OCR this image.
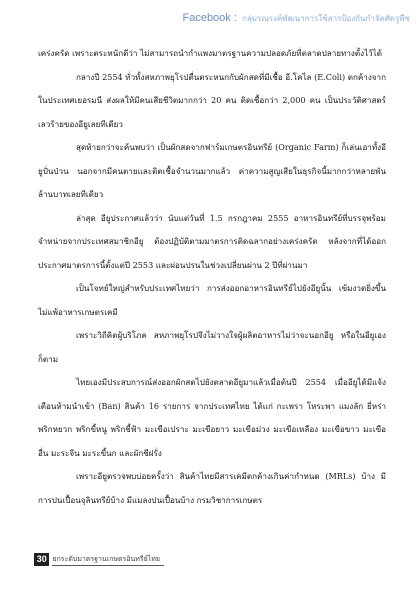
Facebook : กลุ่มรณรงค์พัฒนาการใช้สารป้องกันกำจัดศัตรูพืช

เคร่งครัด เพราะตระหนักดีว่า ไม่สามารถนำกำแพงมาตรฐานความปลอดภัยที่ตลาดปลายทางตั้งไว้ได้

กลางปี 2554 ทั่วทั้งสหภาพยุโรปตื่นตระหนกกับผักสดที่มีเชื้อ อี.โคไล (E.Coli) ตกค้างจากในประเทศเยอรมนี ส่งผลให้มีคนเสียชีวิตมากกว่า 20 คน ติดเชื้อกว่า 2,000 คน เป็นประวัติศาสตร์เลวร้ายของอียูเลยทีเดียว

สุดท้ายกว่าจะค้นพบว่า เป็นผักสดจากฟาร์มเกษตรอินทรีย์ (Organic Farm) ก็เล่นเอาทั้งอียูปั่นป่วน นอกจากมีคนตายและติดเชื้อจำนวนมากแล้ว ค่าความสูญเสียในธุรกิจนี้มากกว่าหลายพันล้านบาทเลยทีเดียว

ล่าสุด อียูประกาศแล้วว่า นับแต่วันที่ 1.5 กรกฎาคม 2555 อาหารอินทรีย์ที่บรรจุพร้อมจำหน่ายจากประเทศสมาชิกอียู ต้องปฏิบัติตามมาตรการติดฉลากอย่างเคร่งครัด หลังจากที่ได้ออกประกาศมาตรการนี้ตั้งแต่ปี 2553 และผ่อนปรนในช่วงเปลี่ยนผ่าน 2 ปีที่ผ่านมา

เป็นโจทย์ใหญ่สำหรับประเทศไทยว่า การส่งออกอาหารอินทรีย์ไปยังอียูนั้น เข้มงวดยิ่งขึ้น ไม่แพ้อาหารเกษตรเคมี

เพราะวิถีคิดผู้บริโภค สหภาพยุโรปจึงไม่วางใจผู้ผลิตอาหารไม่ว่าจะนอกอียู หรือในอียูเองก็ตาม

ไทยเองมีประสบการณ์ส่งออกผักสดไปยังตลาดอียูมาแล้วเมื่อต้นปี 2554 เมื่ออียูได้มีแจ้งเตือนห้ามนำเข้า (Ban) สินค้า 16 รายการ จากประเทศไทย ได้แก่ กะเพรา โหระพา แมงลัก ยี่หร่า พริกหยวก พริกขี้หนู พริกชี้ฟ้า มะเขือเปราะ มะเขือยาว มะเขือม่วง มะเขือเหลือง มะเขือขาว มะเขืออื่น มะระจีน มะระขี้นก และผักชีฝรั่ง

เพราะอียูตรวจพบบ่อยครั้งว่า สินค้าไทยมีสารเคมีตกค้างเกินค่ากำหนด (MRLs) บ้าง มีการปนเปื้อนจุลินทรีย์บ้าง มีแมลงปนเปื้อนบ้าง กรมวิชาการเกษตร

30 ยกระดับมาตรฐานเกษตรอินทรีย์ไทย
